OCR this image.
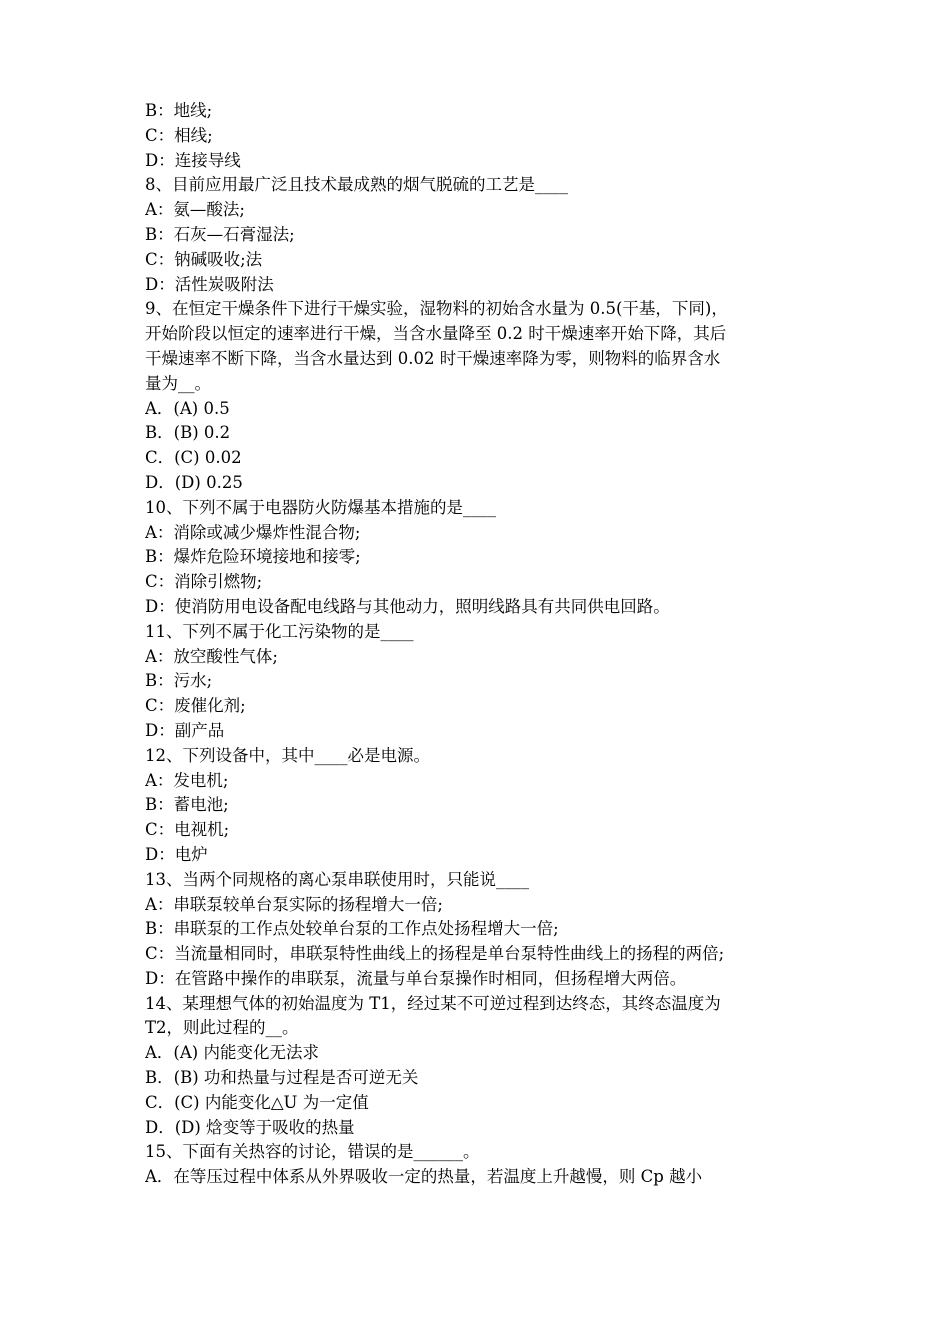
B：地线;
C：相线;
D：连接导线
8、目前应用最广泛且技术最成熟的烟气脱硫的工艺是____
A：氨—酸法;
B：石灰—石膏湿法;
C：钠碱吸收;法
D：活性炭吸附法
9、在恒定干燥条件下进行干燥实验，湿物料的初始含水量为 0.5(干基，下同)，
开始阶段以恒定的速率进行干燥，当含水量降至 0.2 时干燥速率开始下降，其后
干燥速率不断下降，当含水量达到 0.02 时干燥速率降为零，则物料的临界含水
量为__。
A．(A) 0.5
B．(B) 0.2
C．(C) 0.02
D．(D) 0.25
10、下列不属于电器防火防爆基本措施的是____
A：消除或减少爆炸性混合物;
B：爆炸危险环境接地和接零;
C：消除引燃物;
D：使消防用电设备配电线路与其他动力，照明线路具有共同供电回路。
11、下列不属于化工污染物的是____
A：放空酸性气体;
B：污水;
C：废催化剂;
D：副产品
12、下列设备中，其中____必是电源。
A：发电机;
B：蓄电池;
C：电视机;
D：电炉
13、当两个同规格的离心泵串联使用时，只能说____
A：串联泵较单台泵实际的扬程增大一倍;
B：串联泵的工作点处较单台泵的工作点处扬程增大一倍;
C：当流量相同时，串联泵特性曲线上的扬程是单台泵特性曲线上的扬程的两倍;
D：在管路中操作的串联泵，流量与单台泵操作时相同，但扬程增大两倍。
14、某理想气体的初始温度为 T1，经过某不可逆过程到达终态，其终态温度为
T2，则此过程的__。
A．(A) 内能变化无法求
B．(B) 功和热量与过程是否可逆无关
C．(C) 内能变化△U 为一定值
D．(D) 焓变等于吸收的热量
15、下面有关热容的讨论，错误的是______。
A．在等压过程中体系从外界吸收一定的热量，若温度上升越慢，则 Cp 越小
